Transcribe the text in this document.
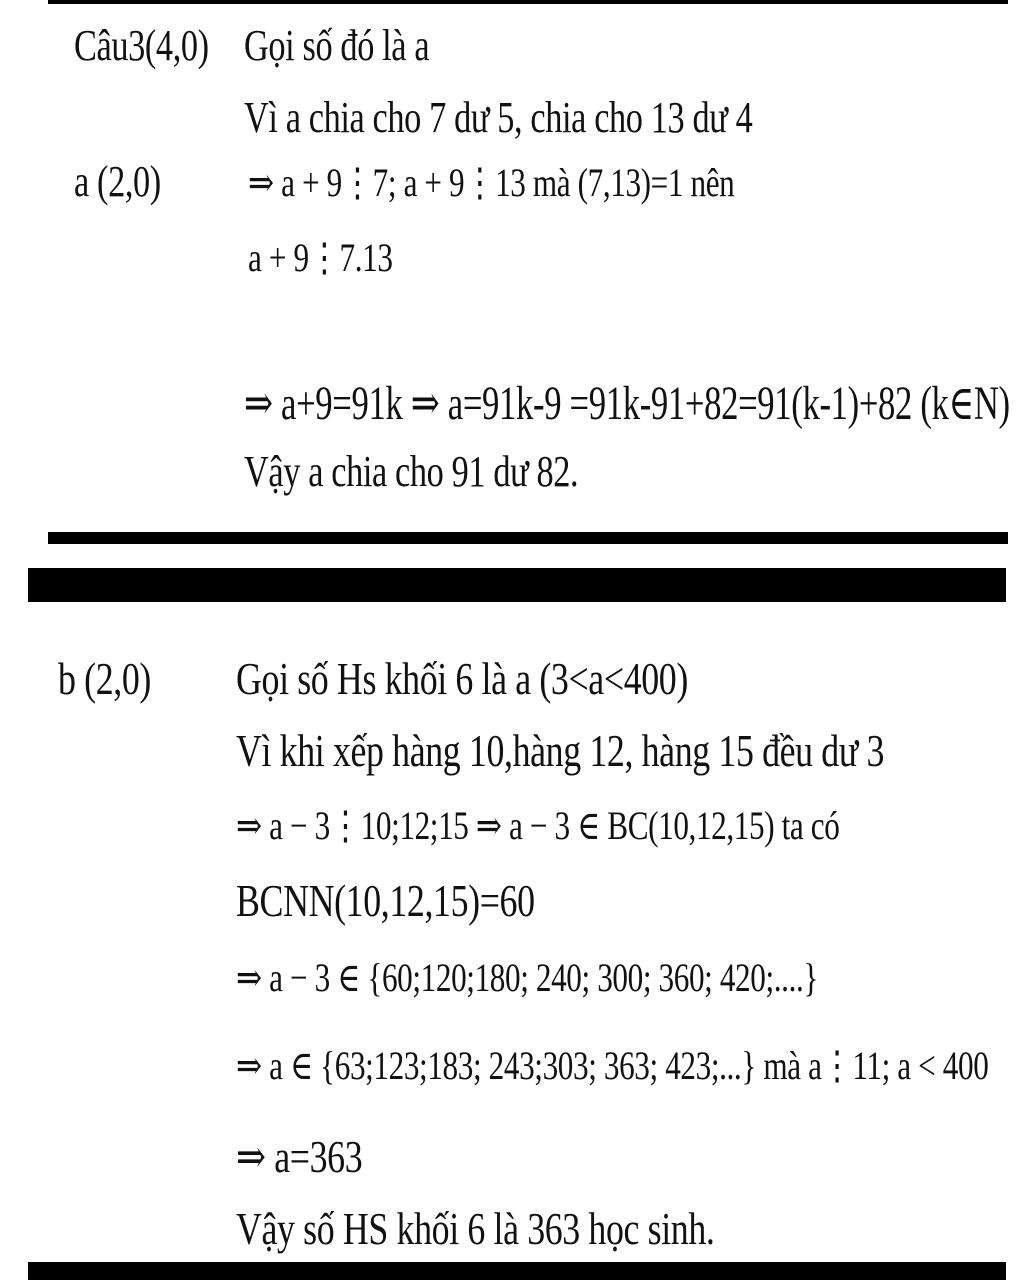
Câu3(4,0) Gọi số đó là a
Vì a chia cho 7 dư 5, chia cho 13 dư 4
a (2,0) ⇒ a + 9⋮7; a + 9⋮13 mà (7,13)=1 nên
a + 9⋮7.13
⇒ a+9=91k ⇒ a=91k-9 =91k-91+82=91(k-1)+82 (k∈N)
Vậy a chia cho 91 dư 82.
b (2,0) Gọi số Hs khối 6 là a (3<a<400)
Vì khi xếp hàng 10,hàng 12, hàng 15 đều dư 3
⇒ a − 3⋮10;12;15 ⇒ a − 3 ∈ BC(10,12,15) ta có
BCNN(10,12,15)=60
⇒ a − 3 ∈ {60;120;180; 240; 300; 360; 420;....}
⇒ a ∈ {63;123;183; 243;303; 363; 423;...} mà a⋮11; a < 400
⇒ a=363
Vậy số HS khối 6 là 363 học sinh.
